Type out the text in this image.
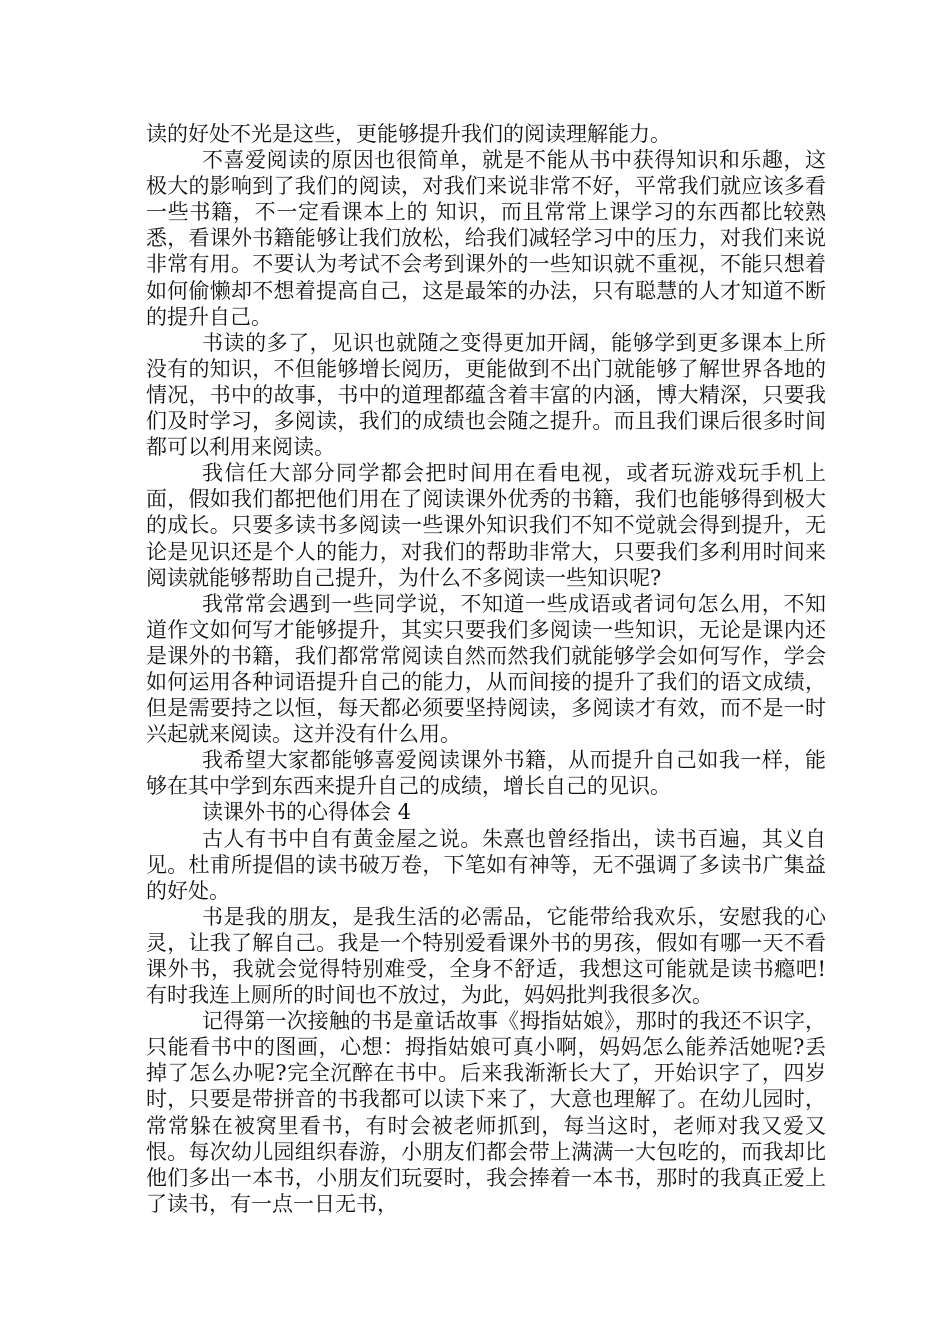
读的好处不光是这些，更能够提升我们的阅读理解能力。

不喜爱阅读的原因也很简单，就是不能从书中获得知识和乐趣，这极大的影响到了我们的阅读，对我们来说非常不好，平常我们就应该多看一些书籍，不一定看课本上的 知识，而且常常上课学习的东西都比较熟悉，看课外书籍能够让我们放松，给我们减轻学习中的压力，对我们来说非常有用。不要认为考试不会考到课外的一些知识就不重视，不能只想着如何偷懒却不想着提高自己，这是最笨的办法，只有聪慧的人才知道不断的提升自己。

书读的多了，见识也就随之变得更加开阔，能够学到更多课本上所没有的知识，不但能够增长阅历，更能做到不出门就能够了解世界各地的情况，书中的故事，书中的道理都蕴含着丰富的内涵，博大精深，只要我们及时学习，多阅读，我们的成绩也会随之提升。而且我们课后很多时间都可以利用来阅读。

我信任大部分同学都会把时间用在看电视，或者玩游戏玩手机上面，假如我们都把他们用在了阅读课外优秀的书籍，我们也能够得到极大的成长。只要多读书多阅读一些课外知识我们不知不觉就会得到提升，无论是见识还是个人的能力，对我们的帮助非常大，只要我们多利用时间来阅读就能够帮助自己提升，为什么不多阅读一些知识呢?

我常常会遇到一些同学说，不知道一些成语或者词句怎么用，不知道作文如何写才能够提升，其实只要我们多阅读一些知识，无论是课内还是课外的书籍，我们都常常阅读自然而然我们就能够学会如何写作，学会如何运用各种词语提升自己的能力，从而间接的提升了我们的语文成绩，但是需要持之以恒，每天都必须要坚持阅读，多阅读才有效，而不是一时兴起就来阅读。这并没有什么用。

我希望大家都能够喜爱阅读课外书籍，从而提升自己如我一样，能够在其中学到东西来提升自己的成绩，增长自己的见识。

读课外书的心得体会 4

古人有书中自有黄金屋之说。朱熹也曾经指出，读书百遍，其义自见。杜甫所提倡的读书破万卷，下笔如有神等，无不强调了多读书广集益的好处。

书是我的朋友，是我生活的必需品，它能带给我欢乐，安慰我的心灵，让我了解自己。我是一个特别爱看课外书的男孩，假如有哪一天不看课外书，我就会觉得特别难受，全身不舒适，我想这可能就是读书瘾吧!有时我连上厕所的时间也不放过，为此，妈妈批判我很多次。

记得第一次接触的书是童话故事《拇指姑娘》，那时的我还不识字，只能看书中的图画，心想：拇指姑娘可真小啊，妈妈怎么能养活她呢?丢掉了怎么办呢?完全沉醉在书中。后来我渐渐长大了，开始识字了，四岁时，只要是带拼音的书我都可以读下来了，大意也理解了。在幼儿园时，常常躲在被窝里看书，有时会被老师抓到，每当这时，老师对我又爱又恨。每次幼儿园组织春游，小朋友们都会带上满满一大包吃的，而我却比他们多出一本书，小朋友们玩耍时，我会捧着一本书，那时的我真正爱上了读书，有一点一日无书，
